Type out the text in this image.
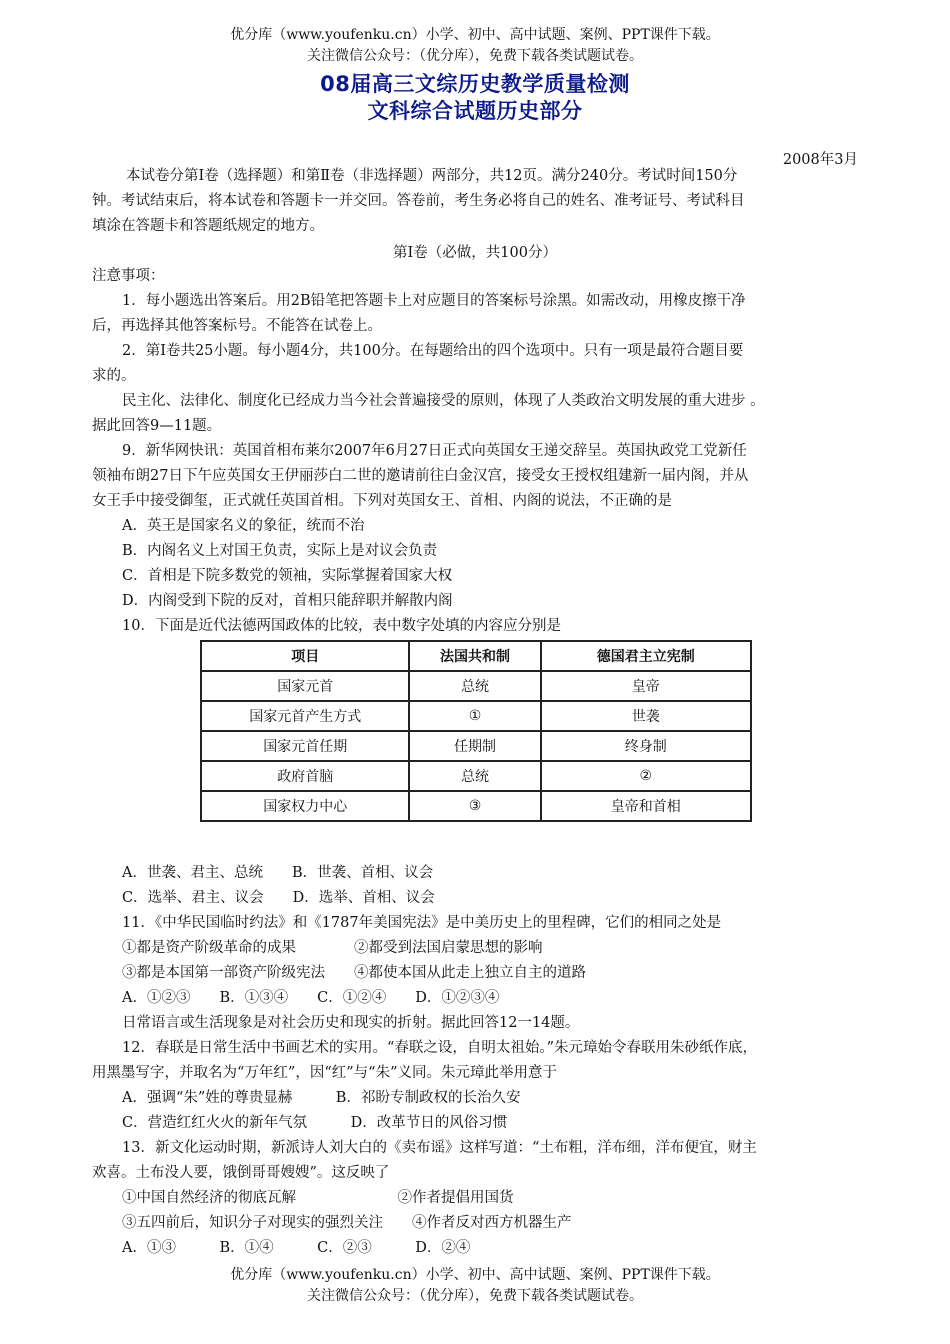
优分库（www.youfenku.cn）小学、初中、高中试题、案例、PPT课件下载。
关注微信公众号：（优分库），免费下载各类试题试卷。
08届高三文综历史教学质量检测
文科综合试题历史部分
2008年3月
本试卷分第Ⅰ卷（选择题）和第Ⅱ卷（非选择题）两部分，共12页。满分240分。考试时间150分
钟。考试结束后，将本试卷和答题卡一并交回。答卷前，考生务必将自己的姓名、准考证号、考试科目
填涂在答题卡和答题纸规定的地方。
第Ⅰ卷（必做，共100分）
注意事项：
1．每小题选出答案后。用2B铅笔把答题卡上对应题目的答案标号涂黑。如需改动，用橡皮擦干净
后，再选择其他答案标号。不能答在试卷上。
2．第Ⅰ卷共25小题。每小题4分，共100分。在每题给出的四个选项中。只有一项是最符合题目要
求的。
民主化、法律化、制度化已经成力当今社会普遍接受的原则，体现了人类政治文明发展的重大进步 。
据此回答9—11题。
9．新华网快讯：英国首相布莱尔2007年6月27日正式向英国女王递交辞呈。英国执政党工党新任
领袖布朗27日下午应英国女王伊丽莎白二世的邀请前往白金汉宫，接受女王授权组建新一届内阁，并从
女王手中接受御玺，正式就任英国首相。下列对英国女王、首相、内阁的说法，不正确的是
A．英王是国家名义的象征，统而不治
B．内阁名义上对国王负责，实际上是对议会负责
C．首相是下院多数党的领袖，实际掌握着国家大权
D．内阁受到下院的反对，首相只能辞职并解散内阁
10．下面是近代法德两国政体的比较，表中数字处填的内容应分别是
项目	法国共和制	德国君主立宪制
国家元首	总统	皇帝
国家元首产生方式	①	世袭
国家元首任期	任期制	终身制
政府首脑	总统	②
国家权力中心	③	皇帝和首相
A．世袭、君主、总统　　B．世袭、首相、议会
C．选举、君主、议会　　D．选举、首相、议会
11．《中华民国临时约法》和《1787年美国宪法》是中美历史上的里程碑，它们的相同之处是
①都是资产阶级革命的成果　　　　②都受到法国启蒙思想的影响
③都是本国第一部资产阶级宪法　　④都使本国从此走上独立自主的道路
A．①②③　　B．①③④　　C．①②④　　D．①②③④
日常语言或生活现象是对社会历史和现实的折射。据此回答12一14题。
12．春联是日常生活中书画艺术的实用。“春联之设，自明太祖始。”朱元璋始令春联用朱砂纸作底，
用黑墨写字，并取名为“万年红”，因“红”与“朱”义同。朱元璋此举用意于
A．强调“朱”姓的尊贵显赫　　　B．祁盼专制政权的长治久安
C．营造红红火火的新年气氛　　　D．改革节日的风俗习惯
13．新文化运动时期，新派诗人刘大白的《卖布谣》这样写道：“土布粗，洋布细，洋布便宜，财主
欢喜。土布没人要，饿倒哥哥嫂嫂”。这反映了
①中国自然经济的彻底瓦解　　　　　　　②作者提倡用国货
③五四前后，知识分子对现实的强烈关注　　④作者反对西方机器生产
A．①③　　　B．①④　　　C．②③　　　D．②④
优分库（www.youfenku.cn）小学、初中、高中试题、案例、PPT课件下载。
关注微信公众号：（优分库），免费下载各类试题试卷。
